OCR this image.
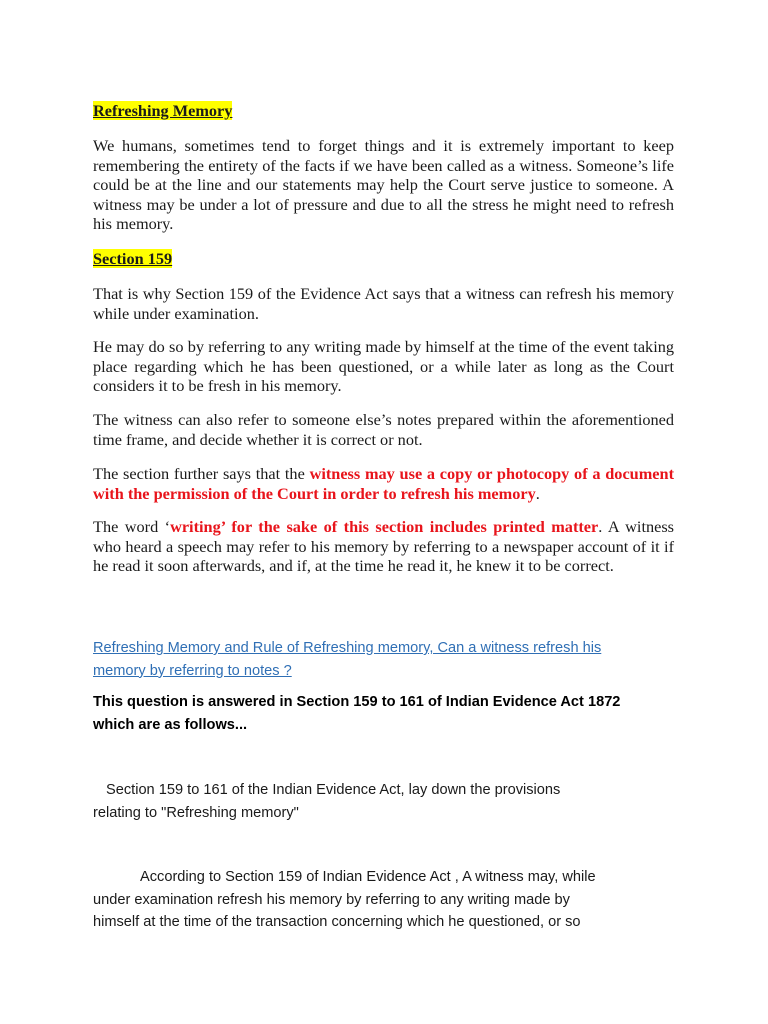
Refreshing Memory

We humans, sometimes tend to forget things and it is extremely important to keep remembering the entirety of the facts if we have been called as a witness. Someone’s life could be at the line and our statements may help the Court serve justice to someone. A witness may be under a lot of pressure and due to all the stress he might need to refresh his memory.

Section 159

That is why Section 159 of the Evidence Act says that a witness can refresh his memory while under examination.

He may do so by referring to any writing made by himself at the time of the event taking place regarding which he has been questioned, or a while later as long as the Court considers it to be fresh in his memory.

The witness can also refer to someone else’s notes prepared within the aforementioned time frame, and decide whether it is correct or not.

The section further says that the witness may use a copy or photocopy of a document with the permission of the Court in order to refresh his memory.

The word ‘writing’ for the sake of this section includes printed matter. A witness who heard a speech may refer to his memory by referring to a newspaper account of it if he read it soon afterwards, and if, at the time he read it, he knew it to be correct.

Refreshing Memory and Rule of Refreshing memory, Can a witness refresh his
memory by referring to notes ?

This question is answered in Section 159 to 161 of Indian Evidence Act 1872
which are as follows...

Section 159 to 161 of the Indian Evidence Act, lay down the provisions
relating to "Refreshing memory"

According to Section 159 of Indian Evidence Act , A witness may, while
under examination refresh his memory by referring to any writing made by
himself at the time of the transaction concerning which he questioned, or so
